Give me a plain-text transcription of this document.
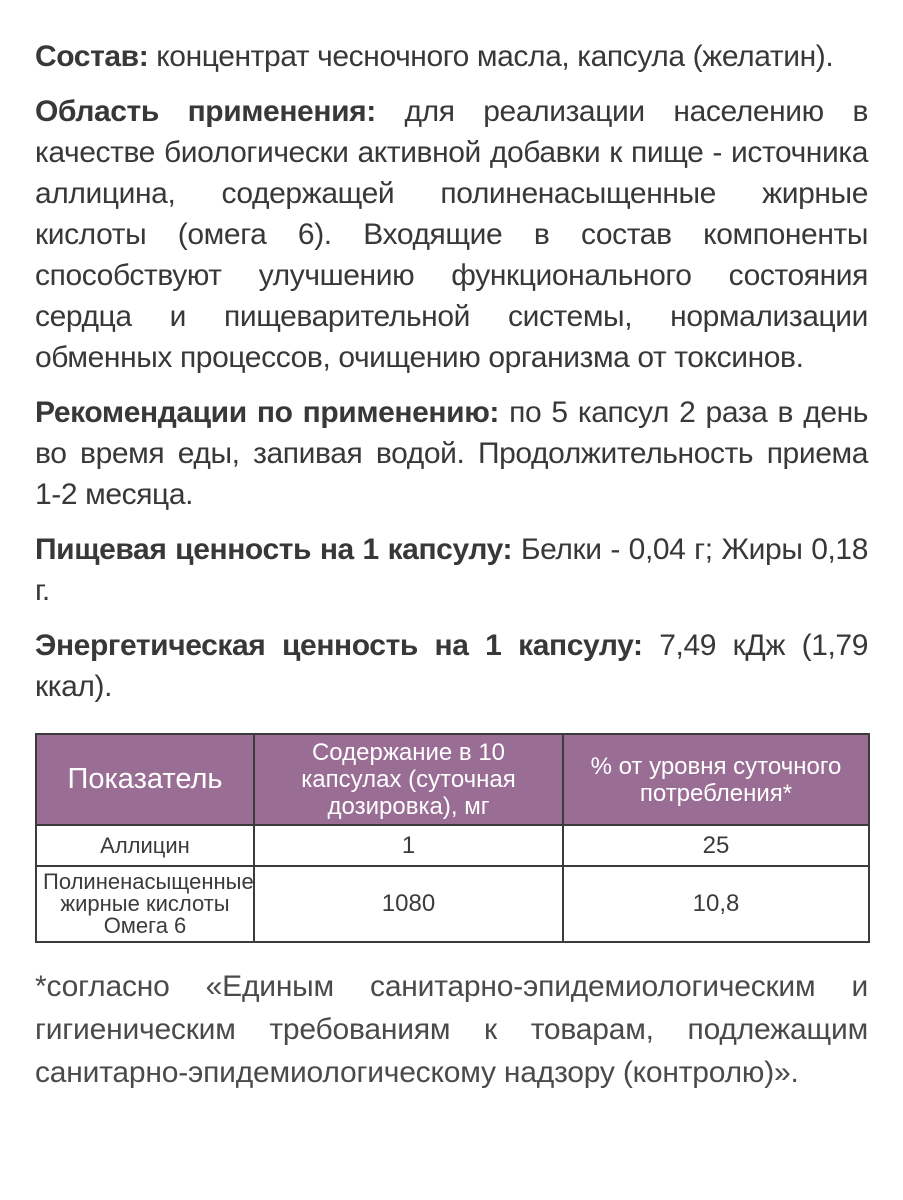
Состав: концентрат чесночного масла, капсула (желатин).

Область применения: для реализации населению в качестве биологически активной добавки к пище - источника аллицина, содержащей полиненасыщенные жирные кислоты (омега 6). Входящие в состав компоненты способствуют улучшению функционального состояния сердца и пищеварительной системы, нормализации обменных процессов, очищению организма от токсинов.

Рекомендации по применению: по 5 капсул 2 раза в день во время еды, запивая водой. Продолжительность приема 1-2 месяца.

Пищевая ценность на 1 капсулу: Белки - 0,04 г; Жиры 0,18 г.

Энергетическая ценность на 1 капсулу: 7,49 кДж (1,79 ккал).

Показатель	Содержание в 10 капсулах (суточная дозировка), мг	% от уровня суточного потребления*
Аллицин	1	25
Полиненасыщенные жирные кислоты Омега 6	1080	10,8

*согласно «Единым санитарно-эпидемиологическим и гигиеническим требованиям к товарам, подлежащим санитарно-эпидемиологическому надзору (контролю)».
